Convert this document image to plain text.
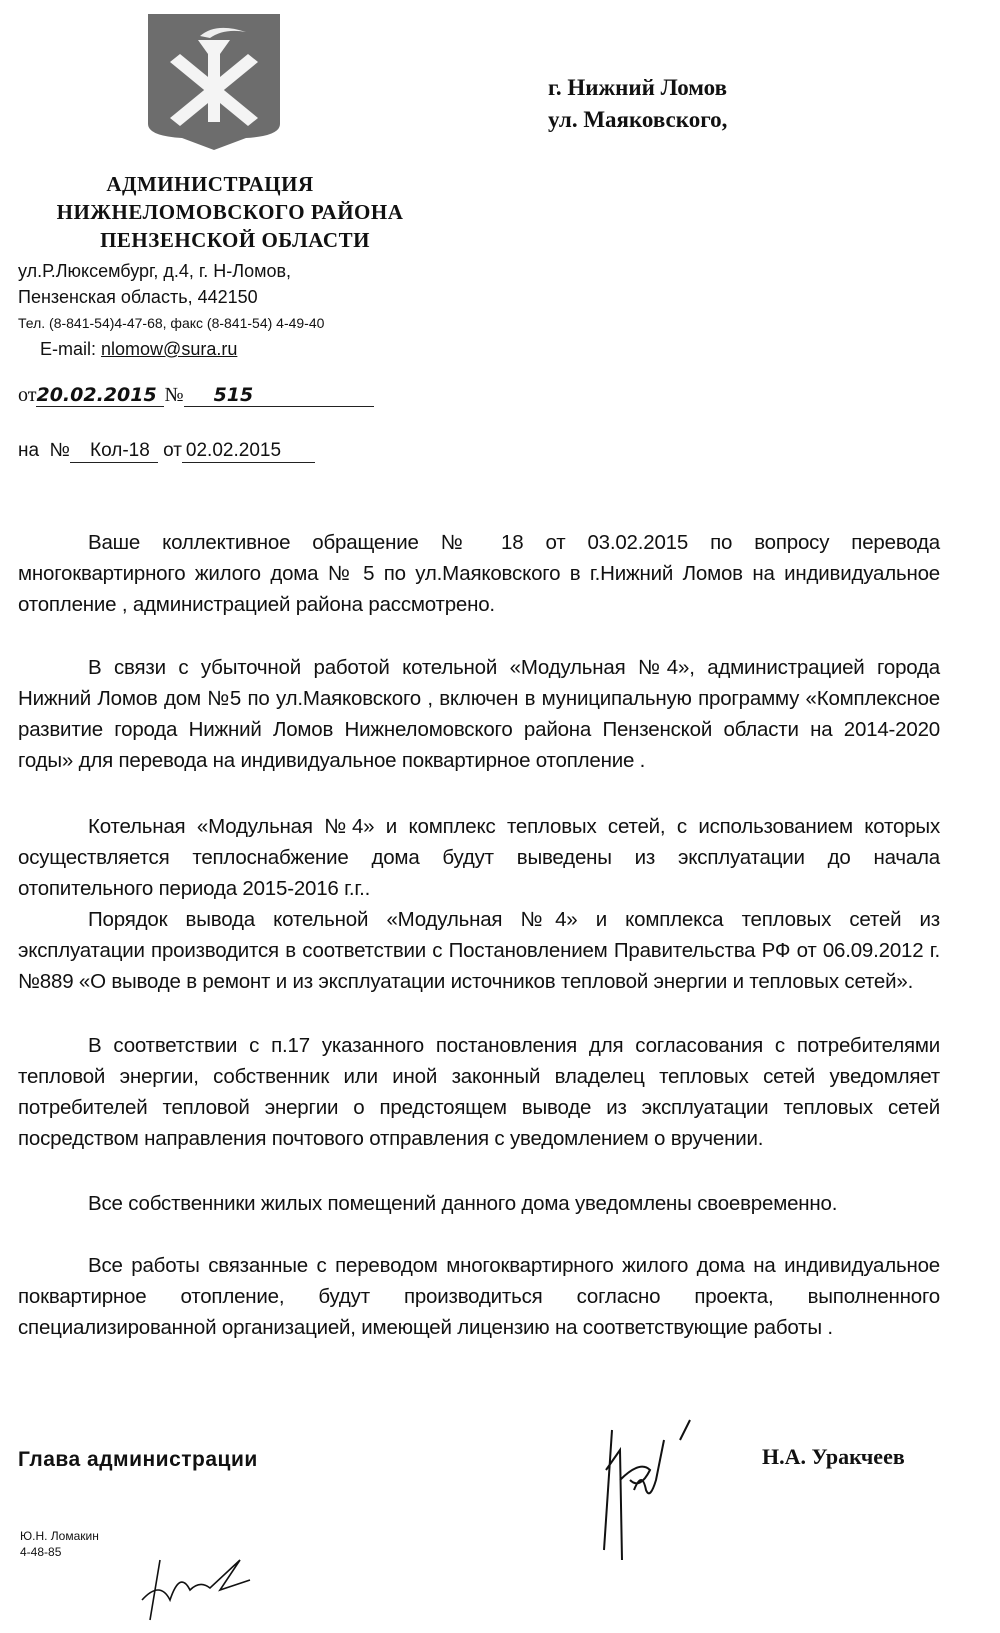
г. Нижний Ломов
ул. Маяковского,
АДМИНИСТРАЦИЯ
НИЖНЕЛОМОВСКОГО РАЙОНА
ПЕНЗЕНСКОЙ ОБЛАСТИ
ул.Р.Люксембург, д.4, г. Н-Ломов,
Пензенская область, 442150
Тел. (8-841-54)4-47-68, факс (8-841-54) 4-49-40
E-mail: nlomow@sura.ru
от20.02.2015 № 515
на № Кол-18 от 02.02.2015
Ваше коллективное обращение № 18 от 03.02.2015 по вопросу перевода многоквартирного жилого дома № 5 по ул.Маяковского в г.Нижний Ломов на индивидуальное отопление , администрацией района рассмотрено.
В связи с убыточной работой котельной «Модульная №4», администрацией города Нижний Ломов дом №5 по ул.Маяковского , включен в муниципальную программу «Комплексное развитие города Нижний Ломов Нижнеломовского района Пензенской области на 2014-2020 годы» для перевода на индивидуальное поквартирное отопление .
Котельная «Модульная №4» и комплекс тепловых сетей, с использованием которых осуществляется теплоснабжение дома будут выведены из эксплуатации до начала отопительного периода 2015-2016 г.г..
Порядок вывода котельной «Модульная №4» и комплекса тепловых сетей из эксплуатации производится в соответствии с Постановлением Правительства РФ от 06.09.2012 г. №889 «О выводе в ремонт и из эксплуатации источников тепловой энергии и тепловых сетей».
В соответствии с п.17 указанного постановления для согласования с потребителями тепловой энергии, собственник или иной законный владелец тепловых сетей уведомляет потребителей тепловой энергии о предстоящем выводе из эксплуатации тепловых сетей посредством направления почтового отправления с уведомлением о вручении.
Все собственники жилых помещений данного дома уведомлены своевременно.
Все работы связанные с переводом многоквартирного жилого дома на индивидуальное поквартирное отопление, будут производиться согласно проекта, выполненного специализированной организацией, имеющей лицензию на соответствующие работы .
Глава администрации	Н.А. Уракчеев
Ю.Н. Ломакин
4-48-85
